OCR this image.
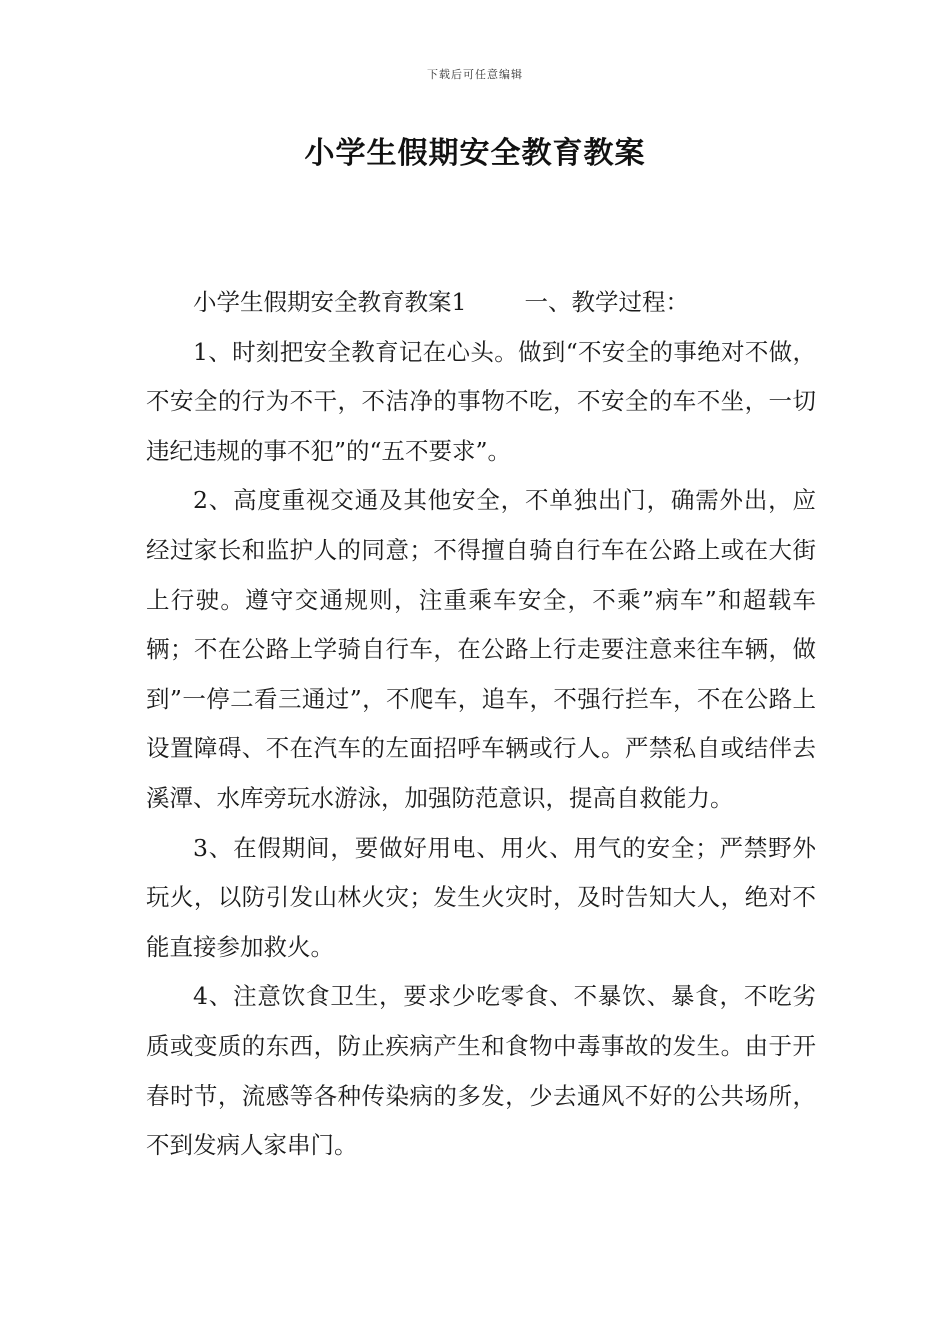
下载后可任意编辑
小学生假期安全教育教案

小学生假期安全教育教案1 一、教学过程：

1、时刻把安全教育记在心头。做到“不安全的事绝对不做，不安全的行为不干，不洁净的事物不吃，不安全的车不坐，一切违纪违规的事不犯”的“五不要求”。

2、高度重视交通及其他安全，不单独出门，确需外出，应经过家长和监护人的同意；不得擅自骑自行车在公路上或在大街上行驶。遵守交通规则，注重乘车安全，不乘”病车”和超载车辆；不在公路上学骑自行车，在公路上行走要注意来往车辆，做到”一停二看三通过”，不爬车，追车，不强行拦车，不在公路上设置障碍、不在汽车的左面招呼车辆或行人。严禁私自或结伴去溪潭、水库旁玩水游泳，加强防范意识，提高自救能力。

3、在假期间，要做好用电、用火、用气的安全；严禁野外玩火，以防引发山林火灾；发生火灾时，及时告知大人，绝对不能直接参加救火。

4、注意饮食卫生，要求少吃零食、不暴饮、暴食，不吃劣质或变质的东西，防止疾病产生和食物中毒事故的发生。由于开春时节，流感等各种传染病的多发，少去通风不好的公共场所，不到发病人家串门。
